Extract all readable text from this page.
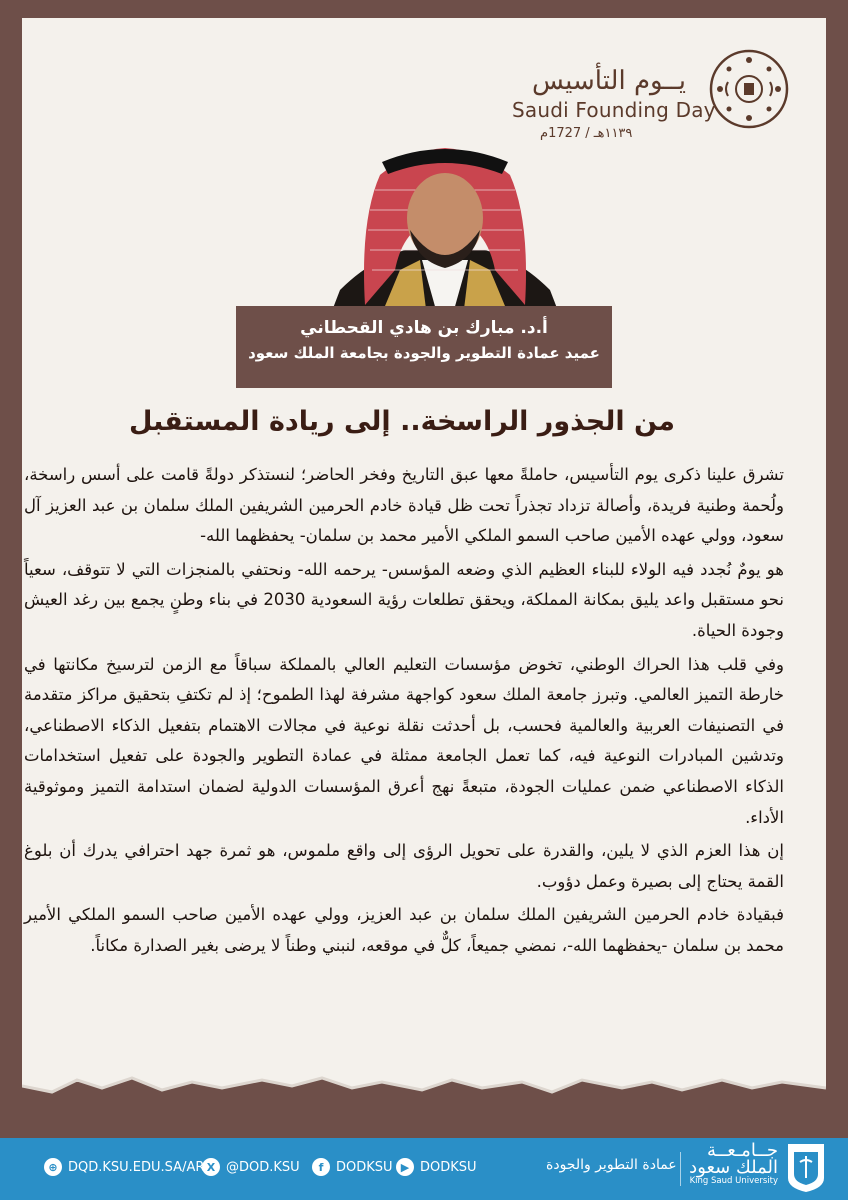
يــوم التأسيس
Saudi Founding Day
١١٣٩هـ / 1727م
أ.د. مبارك بن هادي القحطاني
عميد عمادة التطوير والجودة بجامعة الملك سعود
من الجذور الراسخة.. إلى ريادة المستقبل

تشرق علينا ذكرى يوم التأسيس، حاملةً معها عبق التاريخ وفخر الحاضر؛ لنستذكر دولةً قامت على أسس راسخة، ولُحمة وطنية فريدة، وأصالة تزداد تجذراً تحت ظل قيادة خادم الحرمين الشريفين الملك سلمان بن عبد العزيز آل سعود، وولي عهده الأمين صاحب السمو الملكي الأمير محمد بن سلمان- يحفظهما الله-

هو يومٌ نُجدد فيه الولاء للبناء العظيم الذي وضعه المؤسس- يرحمه الله- ونحتفي بالمنجزات التي لا تتوقف، سعياً نحو مستقبل واعد يليق بمكانة المملكة، ويحقق تطلعات رؤية السعودية 2030 في بناء وطنٍ يجمع بين رغد العيش وجودة الحياة.

وفي قلب هذا الحراك الوطني، تخوض مؤسسات التعليم العالي بالمملكة سباقاً مع الزمن لترسيخ مكانتها في خارطة التميز العالمي. وتبرز جامعة الملك سعود كواجهة مشرفة لهذا الطموح؛ إذ لم تكتفِ بتحقيق مراكز متقدمة في التصنيفات العربية والعالمية فحسب، بل أحدثت نقلة نوعية في مجالات الاهتمام بتفعيل الذكاء الاصطناعي، وتدشين المبادرات النوعية فيه، كما تعمل الجامعة ممثلة في عمادة التطوير والجودة على تفعيل استخدامات الذكاء الاصطناعي ضمن عمليات الجودة، متبعةً نهج أعرق المؤسسات الدولية لضمان استدامة التميز وموثوقية الأداء.

إن هذا العزم الذي لا يلين، والقدرة على تحويل الرؤى إلى واقع ملموس، هو ثمرة جهد احترافي يدرك أن بلوغ القمة يحتاج إلى بصيرة وعمل دؤوب.

فبقيادة خادم الحرمين الشريفين الملك سلمان بن عبد العزيز، وولي عهده الأمين صاحب السمو الملكي الأمير محمد بن سلمان -يحفظهما الله-، نمضي جميعاً، كلٌّ في موقعه، لنبني وطناً لا يرضى بغير الصدارة مكاناً.

جــامـعــة
الملك سعود
King Saud University
عمادة التطوير والجودة
▶ DODKSU
f DODKSU
X @DOD.KSU
⊕ DQD.KSU.EDU.SA/AR
